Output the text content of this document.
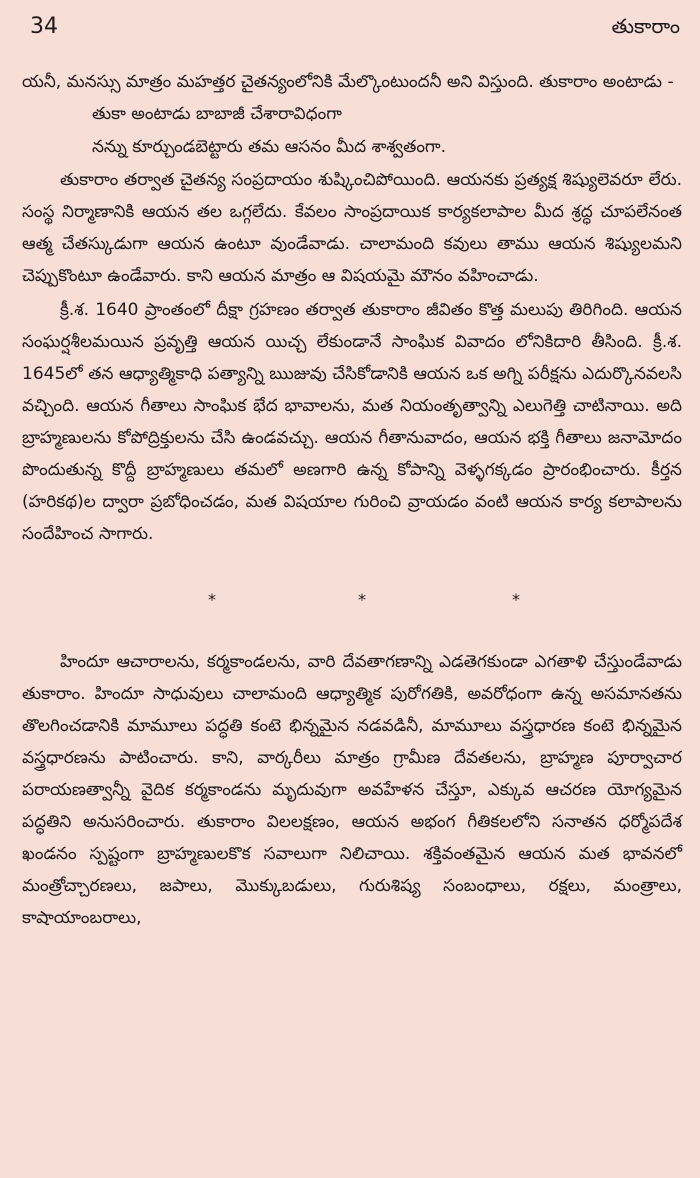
34	తుకారాం

యనీ, మనస్సు మాత్రం మహత్తర చైతన్యంలోనికి మేల్కొంటుందనీ అని విస్తుంది. తుకారాం అంటాడు -

తుకా అంటాడు బాబాజీ చేశారావిధంగా
నన్ను కూర్చుండబెట్టారు తమ ఆసనం మీద శాశ్వతంగా.

తుకారాం తర్వాత చైతన్య సంప్రదాయం శుష్కించిపోయింది. ఆయనకు ప్రత్యక్ష శిష్యులెవరూ లేరు. సంస్థ నిర్మాణానికి ఆయన తల ఒగ్గలేదు. కేవలం సాంప్రదాయిక కార్యకలాపాల మీద శ్రద్ధ చూపలేనంత ఆత్మ చేతస్కుడుగా ఆయన ఉంటూ వుండేవాడు. చాలామంది కవులు తాము ఆయన శిష్యులమని చెప్పుకొంటూ ఉండేవారు. కాని ఆయన మాత్రం ఆ విషయమై మౌనం వహించాడు.

క్రీ.శ. 1640 ప్రాంతంలో దీక్షా గ్రహణం తర్వాత తుకారాం జీవితం కొత్త మలుపు తిరిగింది. ఆయన సంఘర్షశీలమయిన ప్రవృత్తి ఆయన యిచ్చ లేకుండానే సాంఘిక వివాదం లోనికిదారి తీసింది. క్రీ.శ. 1645లో తన ఆధ్యాత్మికాధి పత్యాన్ని ఋజువు చేసికోడానికి ఆయన ఒక అగ్ని పరీక్షను ఎదుర్కొనవలసి వచ్చింది. ఆయన గీతాలు సాంఘిక భేద భావాలను, మత నియంతృత్వాన్ని ఎలుగెత్తి చాటినాయి. అది బ్రాహ్మణులను కోపోద్రిక్తులను చేసి ఉండవచ్చు. ఆయన గీతానువాదం, ఆయన భక్తి గీతాలు జనామోదం పొందుతున్న కొద్దీ బ్రాహ్మణులు తమలో అణగారి ఉన్న కోపాన్ని వెళ్ళగక్కడం ప్రారంభించారు. కీర్తన (హరికథ)ల ద్వారా ప్రబోధించడం, మత విషయాల గురించి వ్రాయడం వంటి ఆయన కార్య కలాపాలను సందేహించ సాగారు.

*	*	*

హిందూ ఆచారాలను, కర్మకాండలను, వారి దేవతాగణాన్ని ఎడతెగకుండా ఎగతాళి చేస్తుండేవాడు తుకారాం. హిందూ సాధువులు చాలామంది ఆధ్యాత్మిక పురోగతికి, అవరోధంగా ఉన్న అసమానతను తొలగించడానికి మామూలు పద్ధతి కంటె భిన్నమైన నడవడినీ, మామూలు వస్త్రధారణ కంటె భిన్నమైన వస్త్రధారణను పాటించారు. కాని, వార్కరీలు మాత్రం గ్రామీణ దేవతలను, బ్రాహ్మణ పూర్వాచార పరాయణత్వాన్నీ వైదిక కర్మకాండను మృదువుగా అవహేళన చేస్తూ, ఎక్కువ ఆచరణ యోగ్యమైన పద్ధతిని అనుసరించారు. తుకారాం విలలక్షణం, ఆయన అభంగ గీతికలలోని సనాతన ధర్మోపదేశ ఖండనం స్పష్టంగా బ్రాహ్మణులకొక సవాలుగా నిలిచాయి. శక్తివంతమైన ఆయన మత భావనలో మంత్రోచ్చారణలు, జపాలు, మొక్కుబడులు, గురుశిష్య సంబంధాలు, రక్షలు, మంత్రాలు, కాషాయాంబరాలు,
